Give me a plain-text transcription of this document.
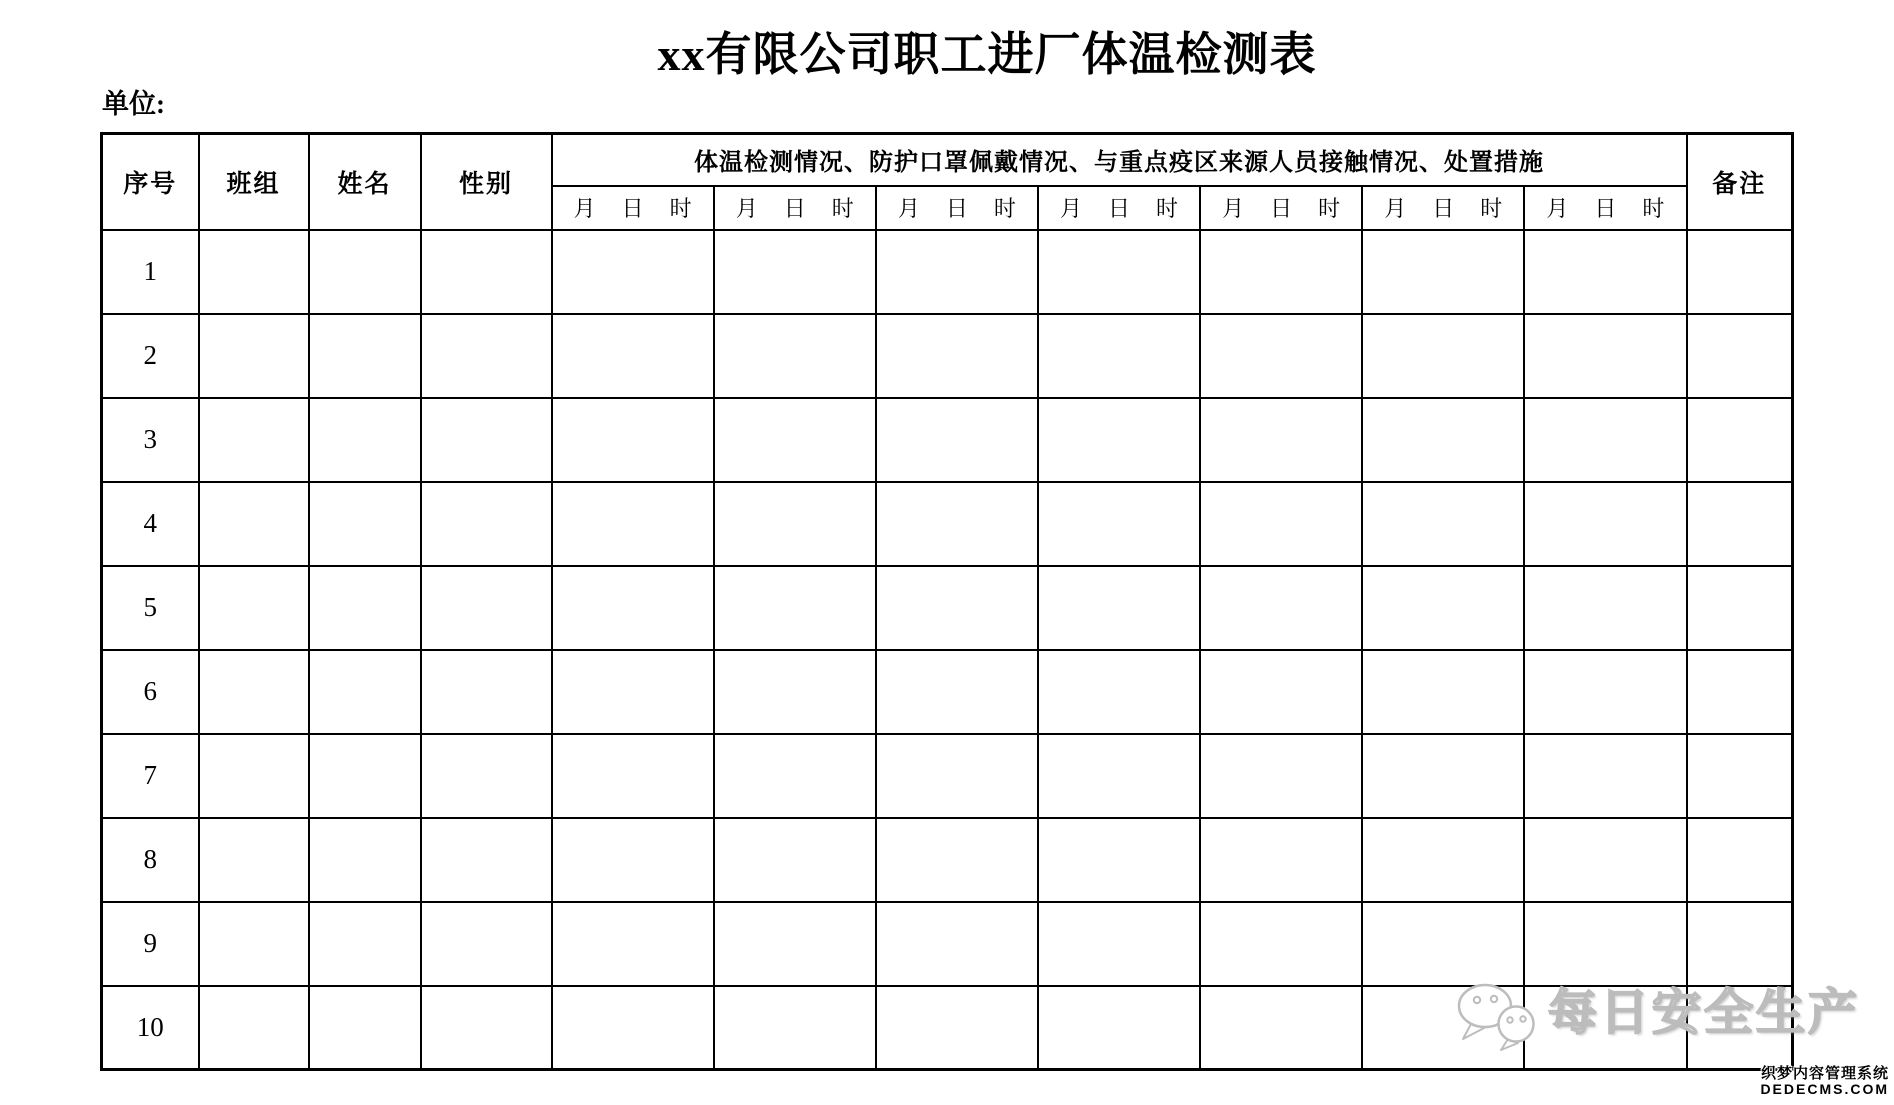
xx有限公司职工进厂体温检测表
单位:
序号	班组	姓名	性别	体温检测情况、防护口罩佩戴情况、与重点疫区来源人员接触情况、处置措施							备注
				月 日 时	月 日 时	月 日 时	月 日 时	月 日 时	月 日 时	月 日 时	
1											
2											
3											
4											
5											
6											
7											
8											
9											
10												每日安全生产
织梦内容管理系统
DEDECMS.COM
